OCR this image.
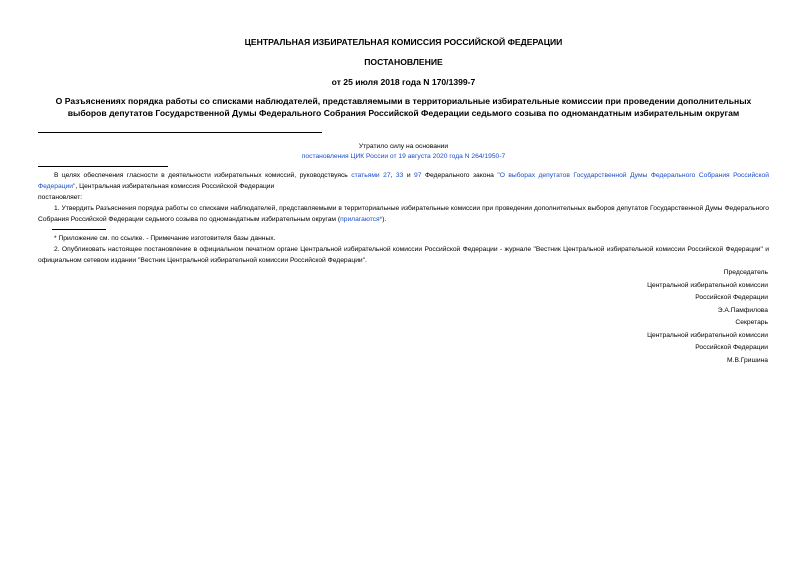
ЦЕНТРАЛЬНАЯ ИЗБИРАТЕЛЬНАЯ КОМИССИЯ РОССИЙСКОЙ ФЕДЕРАЦИИ
ПОСТАНОВЛЕНИЕ
от 25 июля 2018 года N 170/1399-7
О Разъяснениях порядка работы со списками наблюдателей, представляемыми в территориальные избирательные комиссии при проведении дополнительных выборов депутатов Государственной Думы Федерального Собрания Российской Федерации седьмого созыва по одномандатным избирательным округам
Утратило силу на основании
постановления ЦИК России от 19 августа 2020 года N 264/1950-7
В целях обеспечения гласности в деятельности избирательных комиссий, руководствуясь статьями 27, 33 и 97 Федерального закона "О выборах депутатов Государственной Думы Федерального Собрания Российской Федерации", Центральная избирательная комиссия Российской Федерации
постановляет:
1. Утвердить Разъяснения порядка работы со списками наблюдателей, представляемыми в территориальные избирательные комиссии при проведении дополнительных выборов депутатов Государственной Думы Федерального Собрания Российской Федерации седьмого созыва по одномандатным избирательным округам (прилагаются*).
* Приложение см. по ссылке. - Примечание изготовителя базы данных.
2. Опубликовать настоящее постановление в официальном печатном органе Центральной избирательной комиссии Российской Федерации - журнале "Вестник Центральной избирательной комиссии Российской Федерации" и официальном сетевом издании "Вестник Центральной избирательной комиссии Российской Федерации".
Председатель
Центральной избирательной комиссии
Российской Федерации
Э.А.Памфилова
Секретарь
Центральной избирательной комиссии
Российской Федерации
М.В.Гришина
